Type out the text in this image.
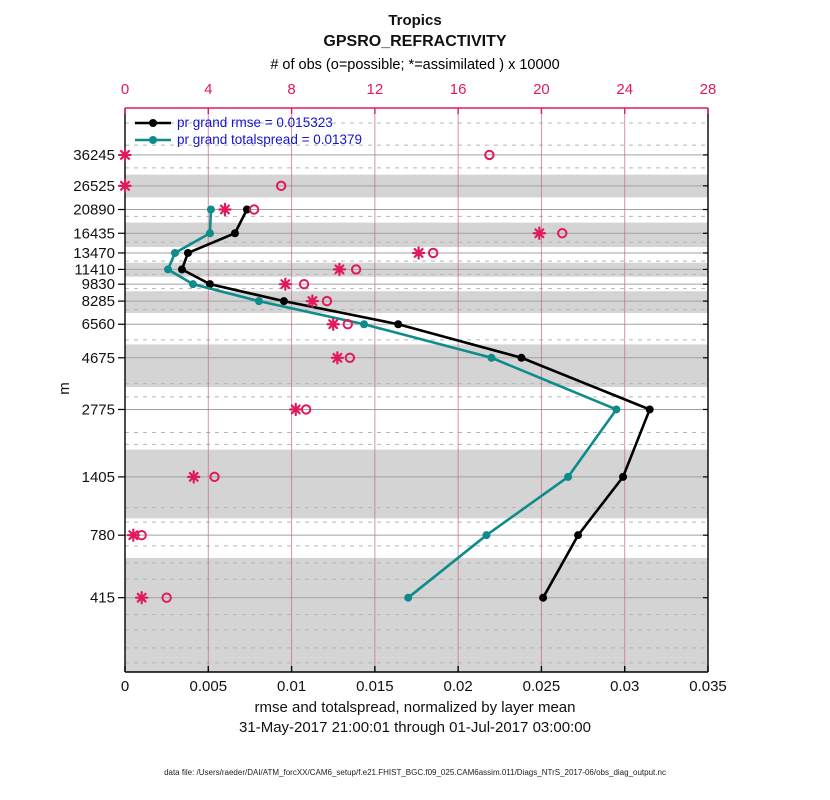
Tropics
GPSRO_REFRACTIVITY
# of obs (o=possible; *=assimilated ) x 10000
0	4	8	12	16	20	24	28
0	0.005	0.01	0.015	0.02	0.025	0.03	0.035
36245
26525
20890
16435
13470
11410
9830
8285
6560
4675
2775
1405
780
415
pr grand rmse = 0.015323
pr grand totalspread = 0.01379
m
rmse and totalspread, normalized by layer mean
31-May-2017 21:00:01 through 01-Jul-2017 03:00:00
data file: /Users/raeder/DAI/ATM_forcXX/CAM6_setup/f.e21.FHIST_BGC.f09_025.CAM6assim.011/Diags_NTrS_2017-06/obs_diag_output.nc
